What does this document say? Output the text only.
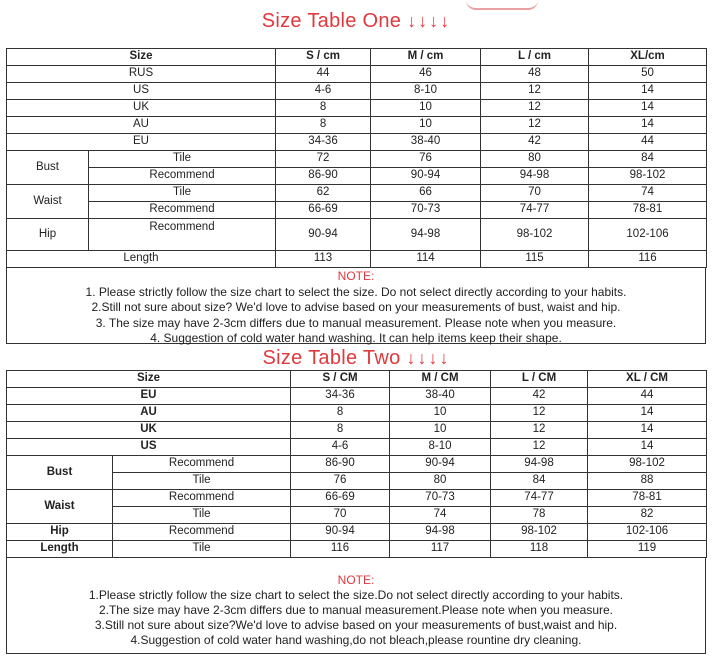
Size Table One ↓↓↓↓
Size		S / cm	M / cm	L / cm	XL/cm
RUS		44	46	48	50
US		4-6	8-10	12	14
UK		8	10	12	14
AU		8	10	12	14
EU		34-36	38-40	42	44
Bust	Tile	72	76	80	84
	Recommend	86-90	90-94	94-98	98-102
Waist	Tile	62	66	70	74
	Recommend	66-69	70-73	74-77	78-81
Hip	Recommend	90-94	94-98	98-102	102-106
Length		113	114	115	116
NOTE:
1. Please strictly follow the size chart to select the size. Do not select directly according to your habits.
2.Still not sure about size? We'd love to advise based on your measurements of bust, waist and hip.
3. The size may have 2-3cm differs due to manual measurement. Please note when you measure.
4. Suggestion of cold water hand washing. It can help items keep their shape.
Size Table Two ↓↓↓↓
Size		S / CM	M / CM	L / CM	XL / CM
EU		34-36	38-40	42	44
AU		8	10	12	14
UK		8	10	12	14
US		4-6	8-10	12	14
Bust	Recommend	86-90	90-94	94-98	98-102
	Tile	76	80	84	88
Waist	Recommend	66-69	70-73	74-77	78-81
	Tile	70	74	78	82
Hip	Recommend	90-94	94-98	98-102	102-106
Length	Tile	116	117	118	119
NOTE:
1.Please strictly follow the size chart to select the size.Do not select directly according to your habits.
2.The size may have 2-3cm differs due to manual measurement.Please note when you measure.
3.Still not sure about size?We'd love to advise based on your measurements of bust,waist and hip.
4.Suggestion of cold water hand washing,do not bleach,please rountine dry cleaning.
